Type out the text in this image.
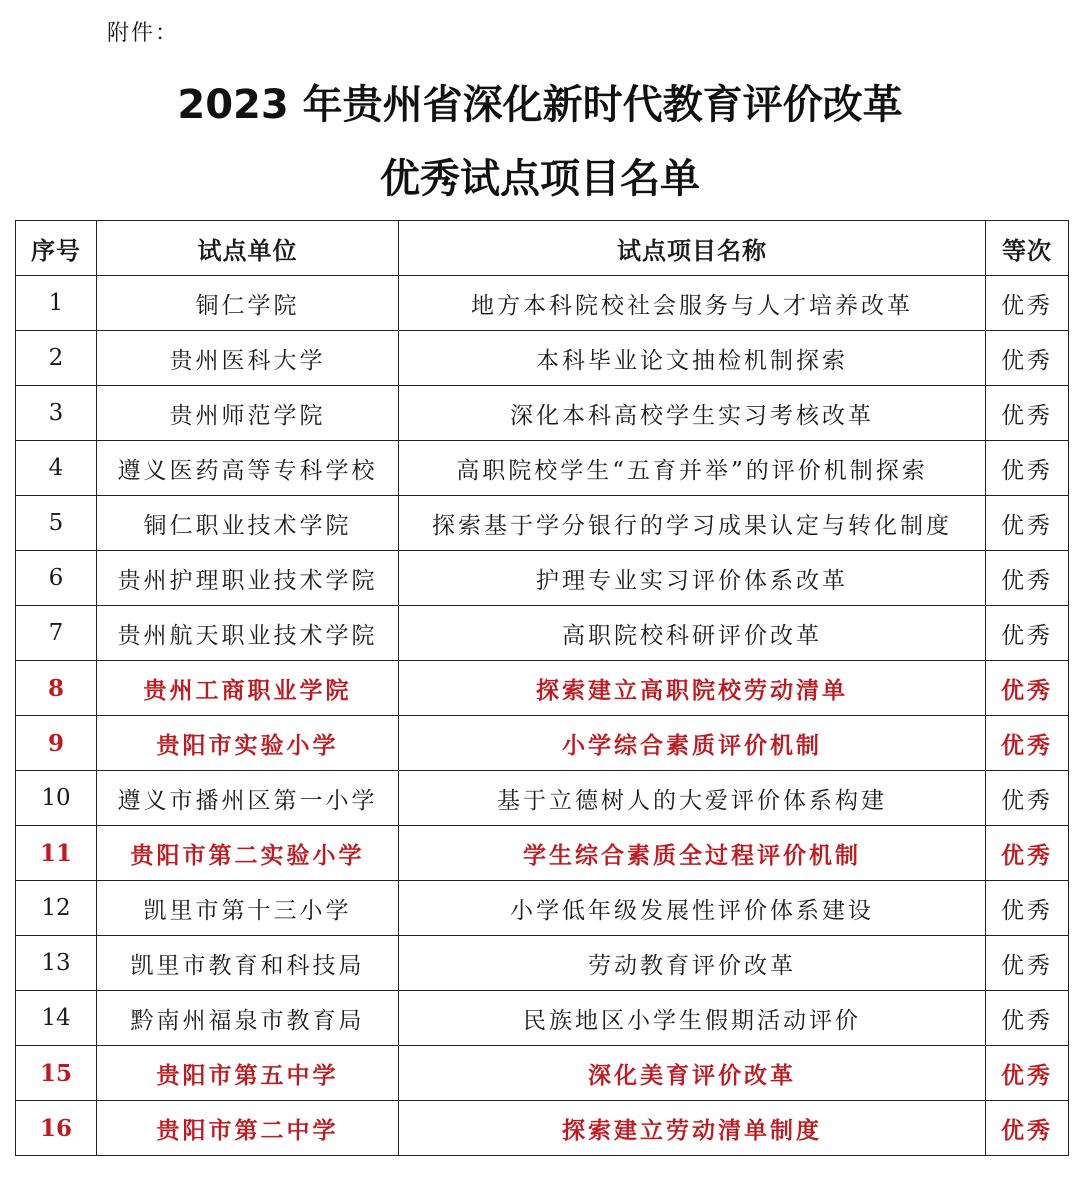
附件：
2023 年贵州省深化新时代教育评价改革
优秀试点项目名单
序号	试点单位	试点项目名称	等次
1	铜仁学院	地方本科院校社会服务与人才培养改革	优秀
2	贵州医科大学	本科毕业论文抽检机制探索	优秀
3	贵州师范学院	深化本科高校学生实习考核改革	优秀
4	遵义医药高等专科学校	高职院校学生“五育并举”的评价机制探索	优秀
5	铜仁职业技术学院	探索基于学分银行的学习成果认定与转化制度	优秀
6	贵州护理职业技术学院	护理专业实习评价体系改革	优秀
7	贵州航天职业技术学院	高职院校科研评价改革	优秀
8	贵州工商职业学院	探索建立高职院校劳动清单	优秀
9	贵阳市实验小学	小学综合素质评价机制	优秀
10	遵义市播州区第一小学	基于立德树人的大爱评价体系构建	优秀
11	贵阳市第二实验小学	学生综合素质全过程评价机制	优秀
12	凯里市第十三小学	小学低年级发展性评价体系建设	优秀
13	凯里市教育和科技局	劳动教育评价改革	优秀
14	黔南州福泉市教育局	民族地区小学生假期活动评价	优秀
15	贵阳市第五中学	深化美育评价改革	优秀
16	贵阳市第二中学	探索建立劳动清单制度	优秀
